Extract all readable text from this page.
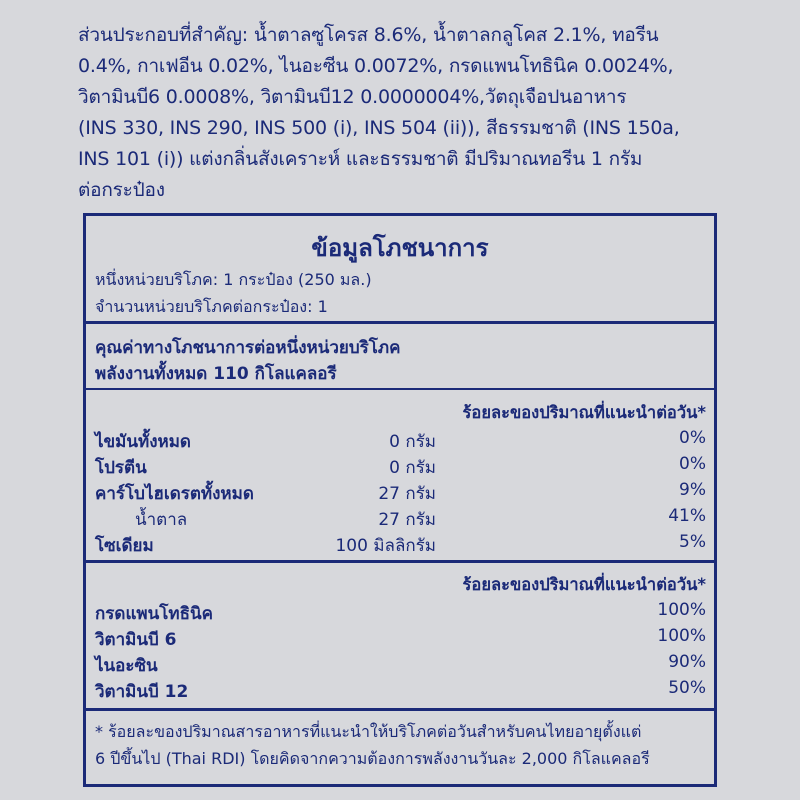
ส่วนประกอบที่สำคัญ: น้ำตาลซูโครส 8.6%, น้ำตาลกลูโคส 2.1%, ทอรีน
0.4%, กาเฟอีน 0.02%, ไนอะซีน 0.0072%, กรดแพนโทธินิค 0.0024%,
วิตามินบี6 0.0008%, วิตามินบี12 0.0000004%,วัตถุเจือปนอาหาร
(INS 330, INS 290, INS 500 (i), INS 504 (ii)), สีธรรมชาติ (INS 150a,
INS 101 (i)) แต่งกลิ่นสังเคราะห์ และธรรมชาติ มีปริมาณทอรีน 1 กรัม
ต่อกระป๋อง
ข้อมูลโภชนาการ
หนึ่งหน่วยบริโภค: 1 กระป๋อง (250 มล.)
จำนวนหน่วยบริโภคต่อกระป๋อง: 1
คุณค่าทางโภชนาการต่อหนึ่งหน่วยบริโภค
พลังงานทั้งหมด 110 กิโลแคลอรี
ร้อยละของปริมาณที่แนะนำต่อวัน*
ไขมันทั้งหมด	0 กรัม	0%
โปรตีน	0 กรัม	0%
คาร์โบไฮเดรตทั้งหมด	27 กรัม	9%
น้ำตาล	27 กรัม	41%
โซเดียม	100 มิลลิกรัม	5%
ร้อยละของปริมาณที่แนะนำต่อวัน*
กรดแพนโทธินิค	100%
วิตามินบี 6	100%
ไนอะซิน	90%
วิตามินบี 12	50%
* ร้อยละของปริมาณสารอาหารที่แนะนำให้บริโภคต่อวันสำหรับคนไทยอายุตั้งแต่
6 ปีขึ้นไป (Thai RDI) โดยคิดจากความต้องการพลังงานวันละ 2,000 กิโลแคลอรี
